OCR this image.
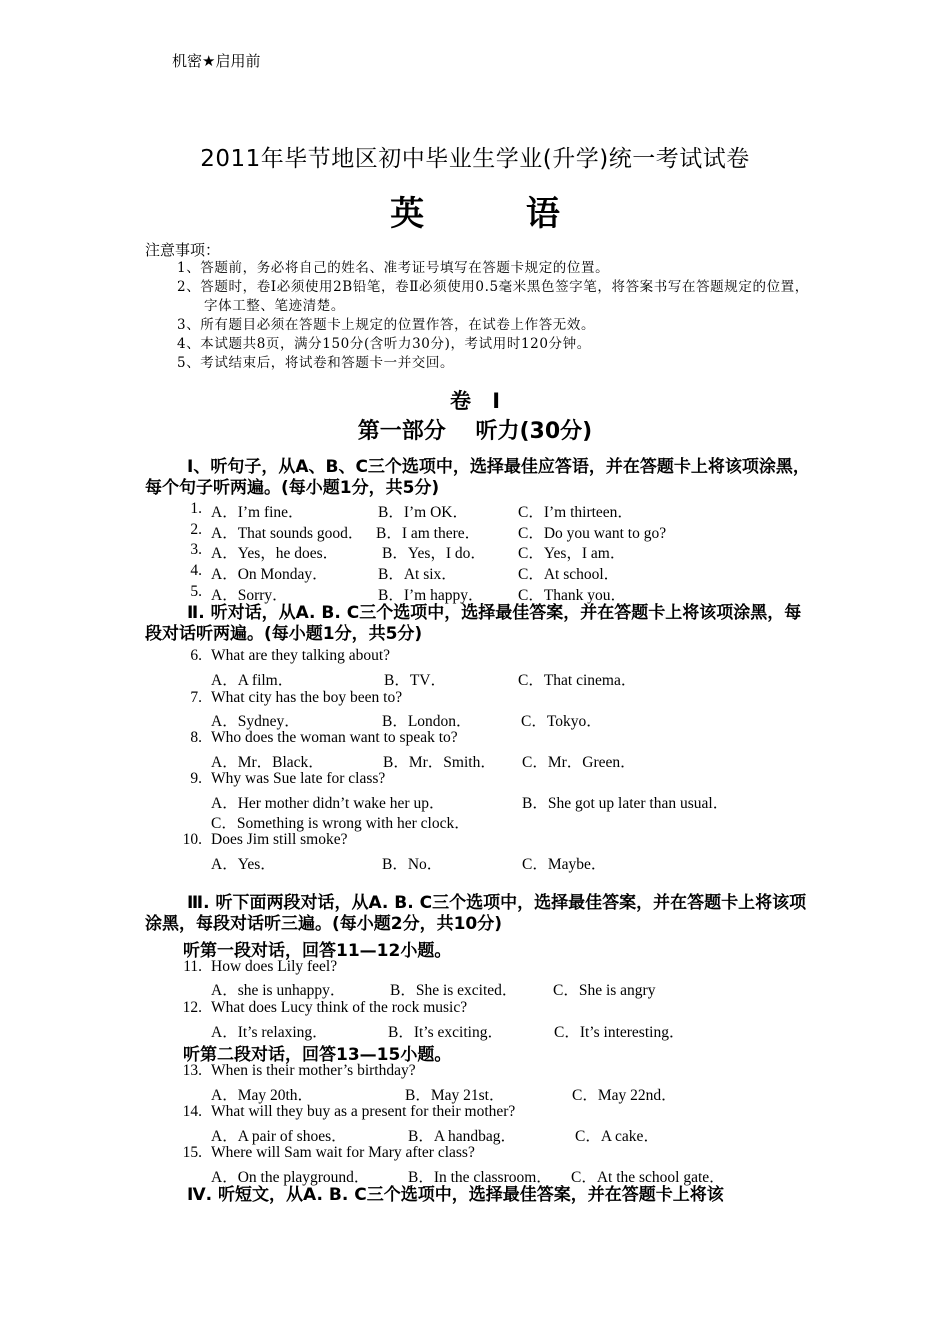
机密★启用前
2011年毕节地区初中毕业生学业(升学)统一考试试卷
英 语
注意事项：
1、答题前，务必将自己的姓名、准考证号填写在答题卡规定的位置。
2、答题时，卷Ⅰ必须使用2B铅笔，卷Ⅱ必须使用0.5毫米黑色签字笔，将答案书写在答题规定的位置，字体工整、笔迹清楚。
3、所有题目必须在答题卡上规定的位置作答，在试卷上作答无效。
4、本试题共8页，满分150分(含听力30分)，考试用时120分钟。
5、考试结束后，将试卷和答题卡一并交回。
卷 Ⅰ
第一部分 听力(30分)
Ⅰ、听句子，从A、B、C三个选项中，选择最佳应答语，并在答题卡上将该项涂黑，每个句子听两遍。(每小题1分，共5分)
1. A．I’m fine．	B．I’m OK．	C．I’m thirteen．
2. A．That sounds good． B．I am there． C．Do you want to go?
3. A．Yes，he does．	B．Yes，I do． C．Yes，I am．
4. A．On Monday．	B．At six．	C．At school．
5. A．Sorry．	B．I’m happy． C．Thank you．
Ⅱ. 听对话，从A. B. C三个选项中，选择最佳答案，并在答题卡上将该项涂黑，每段对话听两遍。(每小题1分，共5分)
6. What are they talking about?
A．A film．	B．TV．	C．That cinema．
7. What city has the boy been to?
A．Sydney．	B．London．	C．Tokyo．
8. Who does the woman want to speak to?
A．Mr．Black．	B．Mr．Smith． C．Mr．Green．
9. Why was Sue late for class?
A．Her mother didn’t wake her up．	B．She got up later than usual．
C．Something is wrong with her clock．
10. Does Jim still smoke?
A．Yes．	B．No．	C．Maybe．
Ⅲ. 听下面两段对话，从A. B. C三个选项中，选择最佳答案，并在答题卡上将该项涂黑，每段对话听三遍。(每小题2分，共10分)
听第一段对话，回答11—12小题。
11. How does Lily feel?
A．she is unhappy．	B．She is excited． C．She is angry
12. What does Lucy think of the rock music?
A．It’s relaxing．	B．It’s exciting．	C．It’s interesting．
听第二段对话，回答13—15小题。
13. When is their mother’s birthday?
A．May 20th．	B．May 21st．	C．May 22nd．
14. What will they buy as a present for their mother?
A．A pair of shoes．	B．A handbag．	C．A cake．
15. Where will Sam wait for Mary after class?
A．On the playground． B．In the classroom． C．At the school gate．
Ⅳ. 听短文，从A. B. C三个选项中，选择最佳答案，并在答题卡上将该
